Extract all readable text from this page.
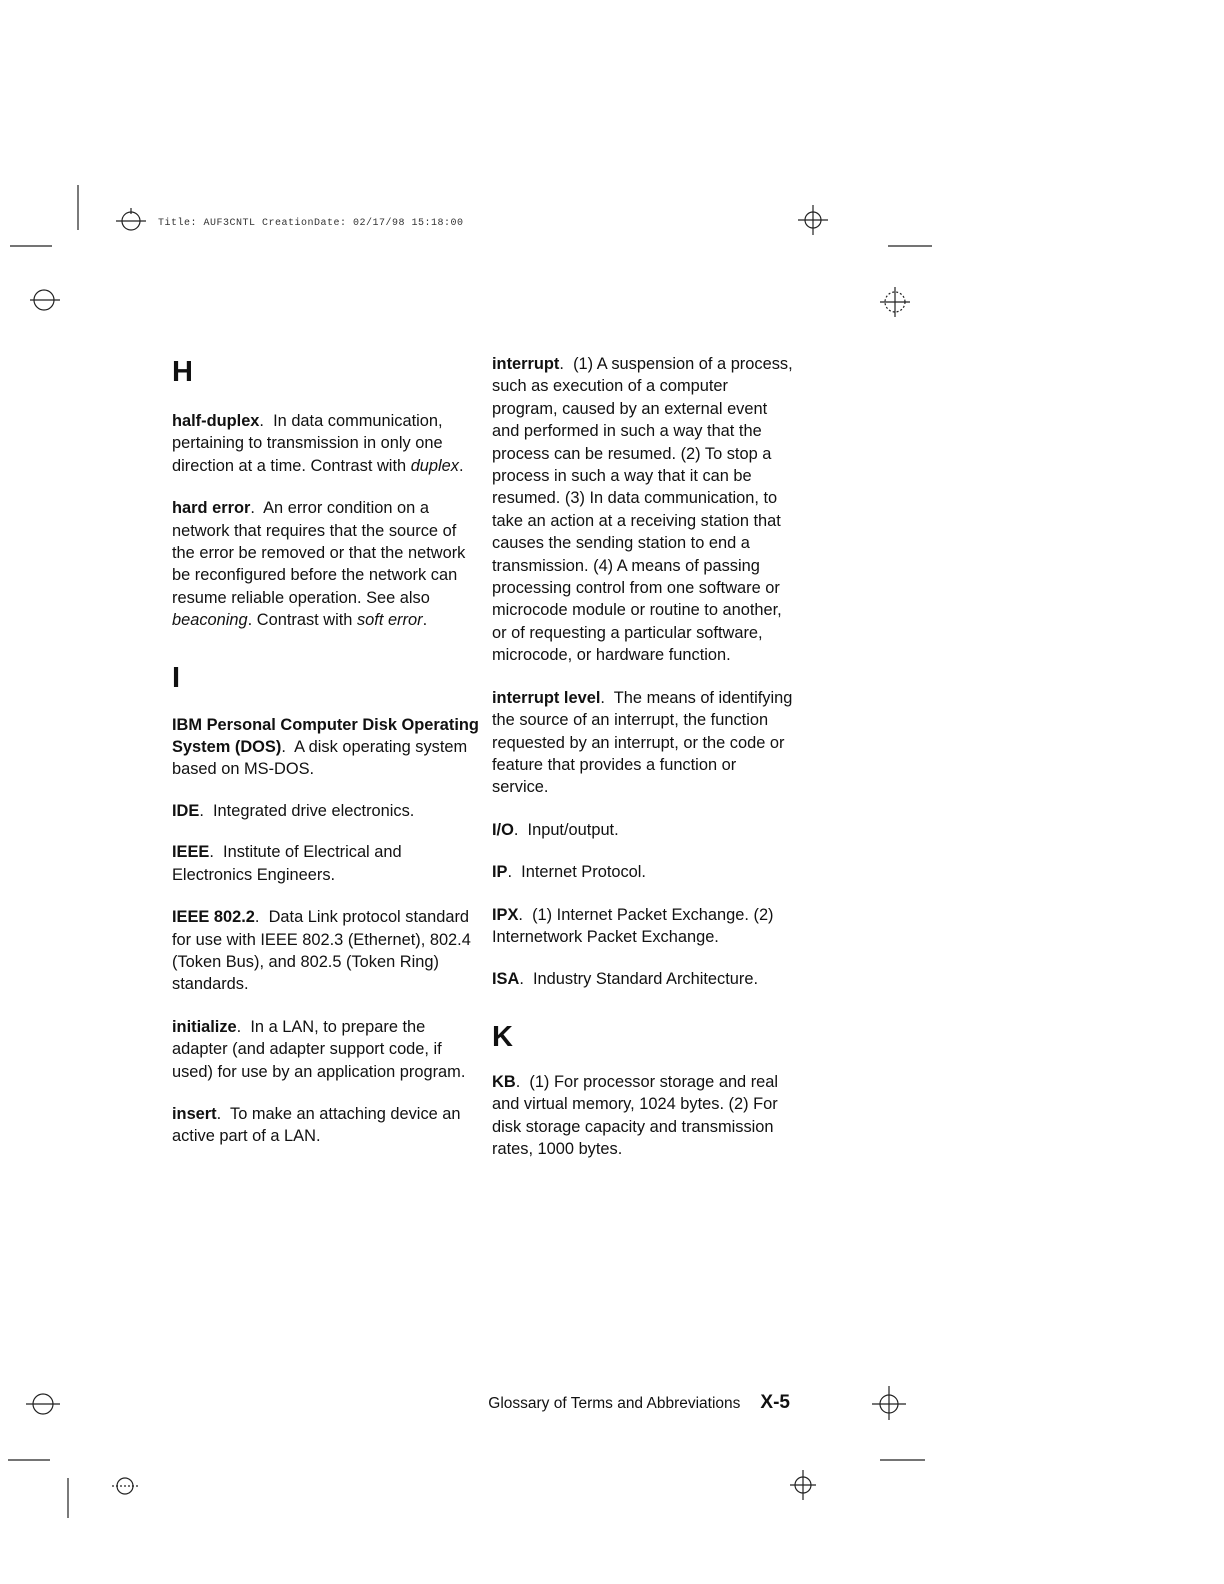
Title: AUF3CNTL CreationDate: 02/17/98 15:18:00
H
half-duplex.  In data communication, pertaining to transmission in only one direction at a time. Contrast with duplex.
hard error.  An error condition on a network that requires that the source of the error be removed or that the network be reconfigured before the network can resume reliable operation. See also beaconing. Contrast with soft error.
I
IBM Personal Computer Disk Operating System (DOS).  A disk operating system based on MS-DOS.
IDE.  Integrated drive electronics.
IEEE.  Institute of Electrical and Electronics Engineers.
IEEE 802.2.  Data Link protocol standard for use with IEEE 802.3 (Ethernet), 802.4 (Token Bus), and 802.5 (Token Ring) standards.
initialize.  In a LAN, to prepare the adapter (and adapter support code, if used) for use by an application program.
insert.  To make an attaching device an active part of a LAN.
interrupt.  (1) A suspension of a process, such as execution of a computer program, caused by an external event and performed in such a way that the process can be resumed. (2) To stop a process in such a way that it can be resumed. (3) In data communication, to take an action at a receiving station that causes the sending station to end a transmission. (4) A means of passing processing control from one software or microcode module or routine to another, or of requesting a particular software, microcode, or hardware function.
interrupt level.  The means of identifying the source of an interrupt, the function requested by an interrupt, or the code or feature that provides a function or service.
I/O.  Input/output.
IP.  Internet Protocol.
IPX.  (1) Internet Packet Exchange. (2) Internetwork Packet Exchange.
ISA.  Industry Standard Architecture.
K
KB.  (1) For processor storage and real and virtual memory, 1024 bytes. (2) For disk storage capacity and transmission rates, 1000 bytes.
Glossary of Terms and Abbreviations X-5
